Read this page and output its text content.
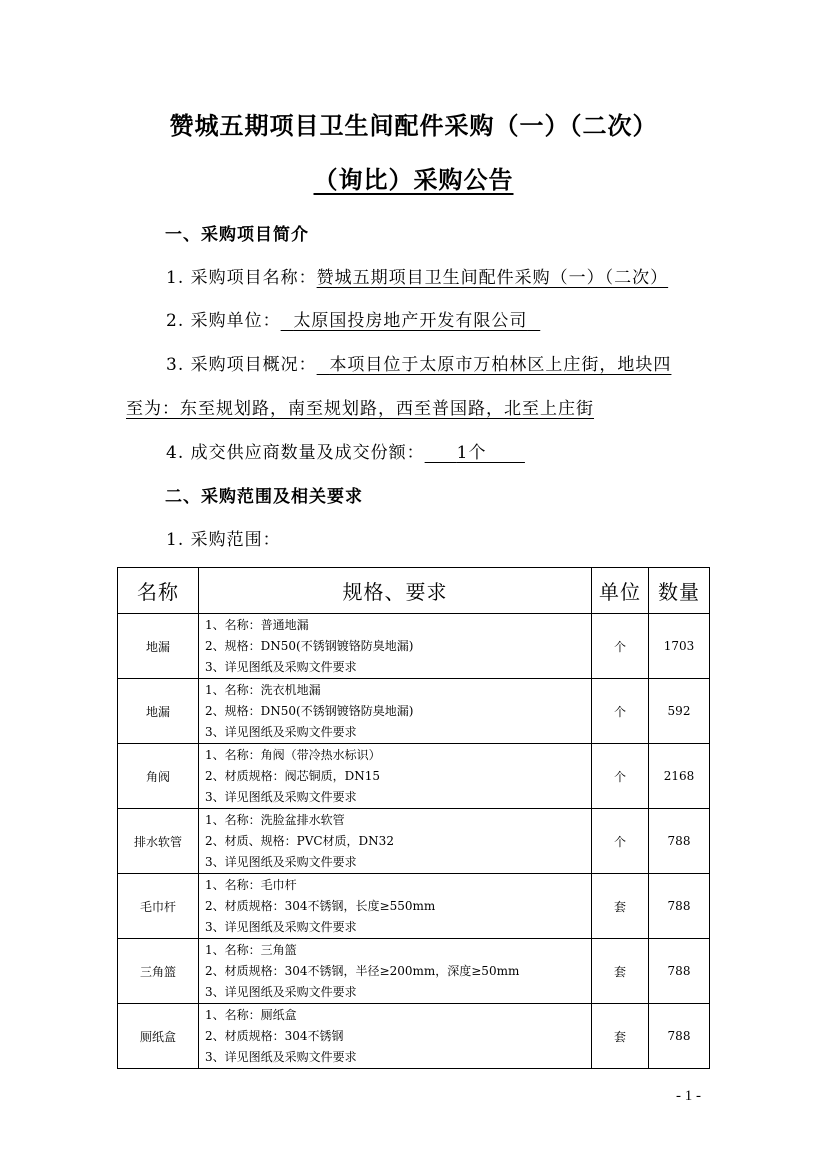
赞城五期项目卫生间配件采购（一）（二次）
（询比）采购公告
一、采购项目简介
1. 采购项目名称：赞城五期项目卫生间配件采购（一）（二次）
2. 采购单位： 太原国投房地产开发有限公司
3. 采购项目概况： 本项目位于太原市万柏林区上庄街，地块四
至为：东至规划路，南至规划路，西至普国路，北至上庄街
4. 成交供应商数量及成交份额： 1个
二、采购范围及相关要求
1. 采购范围：
名称	规格、要求	单位	数量
地漏	1、名称：普通地漏
2、规格：DN50(不锈钢镀铬防臭地漏)
3、详见图纸及采购文件要求	个	1703
地漏	1、名称：洗衣机地漏
2、规格：DN50(不锈钢镀铬防臭地漏)
3、详见图纸及采购文件要求	个	592
角阀	1、名称：角阀（带冷热水标识）
2、材质规格：阀芯铜质，DN15
3、详见图纸及采购文件要求	个	2168
排水软管	1、名称：洗脸盆排水软管
2、材质、规格：PVC材质，DN32
3、详见图纸及采购文件要求	个	788
毛巾杆	1、名称：毛巾杆
2、材质规格：304不锈钢，长度≥550mm
3、详见图纸及采购文件要求	套	788
三角篮	1、名称：三角篮
2、材质规格：304不锈钢，半径≥200mm，深度≥50mm
3、详见图纸及采购文件要求	套	788
厕纸盒	1、名称：厕纸盒
2、材质规格：304不锈钢
3、详见图纸及采购文件要求	套	788
- 1 -
